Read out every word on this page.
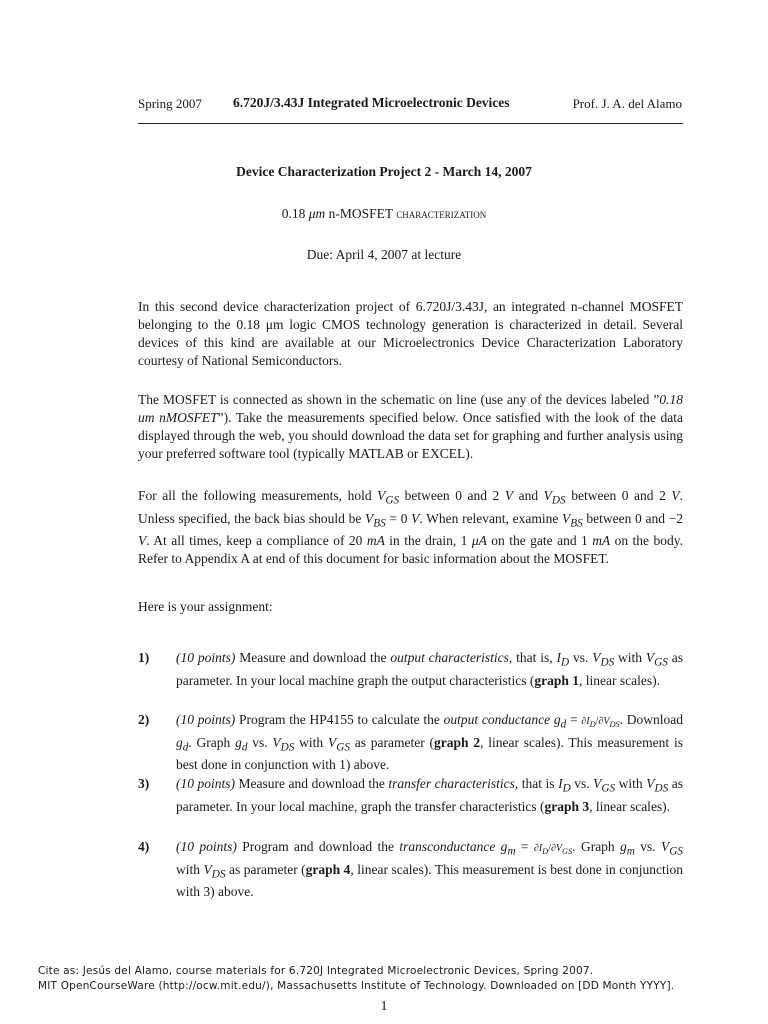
Spring 2007 6.720J/3.43J Integrated Microelectronic Devices	Prof. J. A. del Alamo
Device Characterization Project 2 - March 14, 2007
0.18 μm n-MOSFET characterization
Due: April 4, 2007 at lecture
In this second device characterization project of 6.720J/3.43J, an integrated n-channel MOSFET belonging to the 0.18 μm logic CMOS technology generation is characterized in detail. Several devices of this kind are available at our Microelectronics Device Characterization Laboratory courtesy of National Semiconductors.
The MOSFET is connected as shown in the schematic on line (use any of the devices labeled ”0.18 um nMOSFET”). Take the measurements specified below. Once satisfied with the look of the data displayed through the web, you should download the data set for graphing and further analysis using your preferred software tool (typically MATLAB or EXCEL).
For all the following measurements, hold $V_{GS}$ between 0 and 2 V and $V_{DS}$ between 0 and 2 V. Unless specified, the back bias should be $V_{BS} = 0$ V. When relevant, examine $V_{BS}$ between 0 and −2 V. At all times, keep a compliance of 20 mA in the drain, 1 μA on the gate and 1 mA on the body. Refer to Appendix A at end of this document for basic information about the MOSFET.
Here is your assignment:
1) (10 points) Measure and download the output characteristics, that is, $I_D$ vs. $V_{DS}$ with $V_{GS}$ as parameter. In your local machine graph the output characteristics (graph 1, linear scales).
2) (10 points) Program the HP4155 to calculate the output conductance $g_d = \partial I_D/\partial V_{DS}$. Download $g_d$. Graph $g_d$ vs. $V_{DS}$ with $V_{GS}$ as parameter (graph 2, linear scales). This measurement is best done in conjunction with 1) above.
3) (10 points) Measure and download the transfer characteristics, that is $I_D$ vs. $V_{GS}$ with $V_{DS}$ as parameter. In your local machine, graph the transfer characteristics (graph 3, linear scales).
4) (10 points) Program and download the transconductance $g_m = \partial I_D/\partial V_{GS}$. Graph $g_m$ vs. $V_{GS}$ with $V_{DS}$ as parameter (graph 4, linear scales). This measurement is best done in conjunction with 3) above.
Cite as: Jesús del Alamo, course materials for 6.720J Integrated Microelectronic Devices, Spring 2007.
MIT OpenCourseWare (http://ocw.mit.edu/), Massachusetts Institute of Technology. Downloaded on [DD Month YYYY].
1
